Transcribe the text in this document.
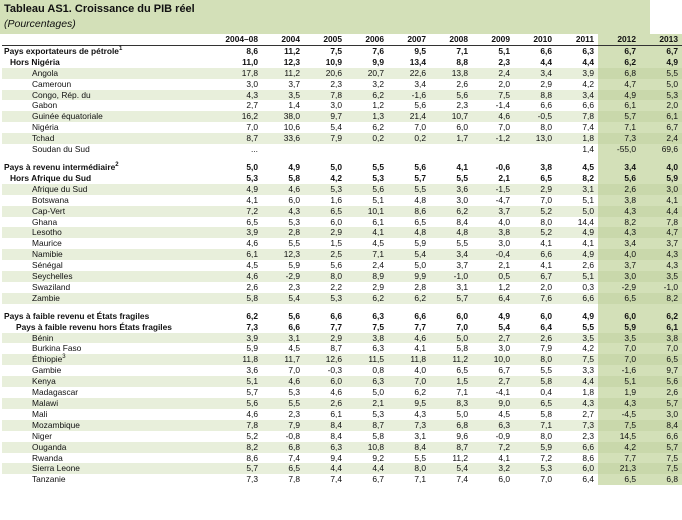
Tableau AS1. Croissance du PIB réel
(Pourcentages)
	2004–08	2004	2005	2006	2007	2008	2009	2010	2011	2012	2013
Pays exportateurs de pétrole$^1$	8,6	11,2	7,5	7,6	9,5	7,1	5,1	6,6	6,3	6,7	6,7
Hors Nigéria	11,0	12,3	10,9	9,9	13,4	8,8	2,3	4,4	4,4	6,2	4,9
Angola	17,8	11,2	20,6	20,7	22,6	13,8	2,4	3,4	3,9	6,8	5,5
Cameroun	3,0	3,7	2,3	3,2	3,4	2,6	2,0	2,9	4,2	4,7	5,0
Congo, Rép. du	4,3	3,5	7,8	6,2	-1,6	5,6	7,5	8,8	3,4	4,9	5,3
Gabon	2,7	1,4	3,0	1,2	5,6	2,3	-1,4	6,6	6,6	6,1	2,0
Guinée équatoriale	16,2	38,0	9,7	1,3	21,4	10,7	4,6	-0,5	7,8	5,7	6,1
Nigéria	7,0	10,6	5,4	6,2	7,0	6,0	7,0	8,0	7,4	7,1	6,7
Tchad	8,7	33,6	7,9	0,2	0,2	1,7	-1,2	13,0	1,8	7,3	2,4
Soudan du Sud	...								1,4	-55,0	69,6

Pays à revenu intermédiaire$^2$	5,0	4,9	5,0	5,5	5,6	4,1	-0,6	3,8	4,5	3,4	4,0
Hors Afrique du Sud	5,3	5,8	4,2	5,3	5,7	5,5	2,1	6,5	8,2	5,6	5,9
Afrique du Sud	4,9	4,6	5,3	5,6	5,5	3,6	-1,5	2,9	3,1	2,6	3,0
Botswana	4,1	6,0	1,6	5,1	4,8	3,0	-4,7	7,0	5,1	3,8	4,1
Cap-Vert	7,2	4,3	6,5	10,1	8,6	6,2	3,7	5,2	5,0	4,3	4,4
Ghana	6,5	5,3	6,0	6,1	6,5	8,4	4,0	8,0	14,4	8,2	7,8
Lesotho	3,9	2,8	2,9	4,1	4,8	4,8	3,8	5,2	4,9	4,3	4,7
Maurice	4,6	5,5	1,5	4,5	5,9	5,5	3,0	4,1	4,1	3,4	3,7
Namibie	6,1	12,3	2,5	7,1	5,4	3,4	-0,4	6,6	4,9	4,0	4,3
Sénégal	4,5	5,9	5,6	2,4	5,0	3,7	2,1	4,1	2,6	3,7	4,3
Seychelles	4,6	-2,9	8,0	8,9	9,9	-1,0	0,5	6,7	5,1	3,0	3,5
Swaziland	2,6	2,3	2,2	2,9	2,8	3,1	1,2	2,0	0,3	-2,9	-1,0
Zambie	5,8	5,4	5,3	6,2	6,2	5,7	6,4	7,6	6,6	6,5	8,2

Pays à faible revenu et États fragiles	6,2	5,6	6,6	6,3	6,6	6,0	4,9	6,0	4,9	6,0	6,2
Pays à faible revenu hors États fragiles	7,3	6,6	7,7	7,5	7,7	7,0	5,4	6,4	5,5	5,9	6,1
Bénin	3,9	3,1	2,9	3,8	4,6	5,0	2,7	2,6	3,5	3,5	3,8
Burkina Faso	5,9	4,5	8,7	6,3	4,1	5,8	3,0	7,9	4,2	7,0	7,0
Éthiopie$^3$	11,8	11,7	12,6	11,5	11,8	11,2	10,0	8,0	7,5	7,0	6,5
Gambie	3,6	7,0	-0,3	0,8	4,0	6,5	6,7	5,5	3,3	-1,6	9,7
Kenya	5,1	4,6	6,0	6,3	7,0	1,5	2,7	5,8	4,4	5,1	5,6
Madagascar	5,7	5,3	4,6	5,0	6,2	7,1	-4,1	0,4	1,8	1,9	2,6
Malawi	5,6	5,5	2,6	2,1	9,5	8,3	9,0	6,5	4,3	4,3	5,7
Mali	4,6	2,3	6,1	5,3	4,3	5,0	4,5	5,8	2,7	-4,5	3,0
Mozambique	7,8	7,9	8,4	8,7	7,3	6,8	6,3	7,1	7,3	7,5	8,4
Niger	5,2	-0,8	8,4	5,8	3,1	9,6	-0,9	8,0	2,3	14,5	6,6
Ouganda	8,2	6,8	6,3	10,8	8,4	8,7	7,2	5,9	6,6	4,2	5,7
Rwanda	8,6	7,4	9,4	9,2	5,5	11,2	4,1	7,2	8,6	7,7	7,5
Sierra Leone	5,7	6,5	4,4	4,4	8,0	5,4	3,2	5,3	6,0	21,3	7,5
Tanzanie	7,3	7,8	7,4	6,7	7,1	7,4	6,0	7,0	6,4	6,5	6,8
